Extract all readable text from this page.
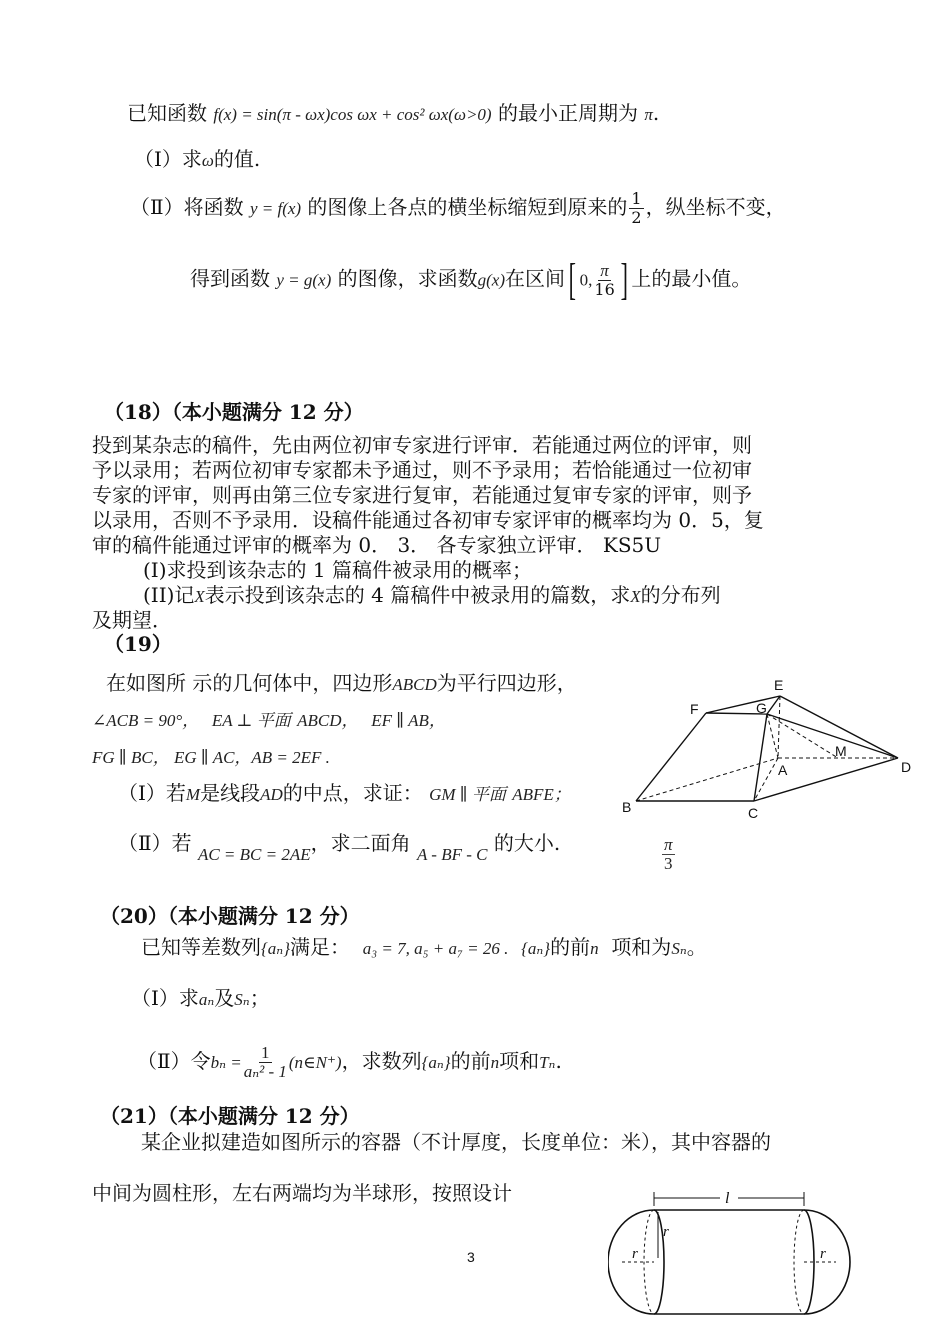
已知函数 f(x) = sin(π - ωx)cos ωx + cos² ωx(ω>0) 的最小正周期为 π.
（Ⅰ）求ω的值.
（Ⅱ）将函数 y = f(x) 的图像上各点的横坐标缩短到原来的 $\frac{1}{2}$ ，纵坐标不变，
得到函数 y = g(x) 的图像，求函数g(x)在区间[ 0, $\frac{\pi}{16}$ ] 上的最小值。
（18）（本小题满分 12 分）
投到某杂志的稿件，先由两位初审专家进行评审．若能通过两位的评审，则
予以录用；若两位初审专家都未予通过，则不予录用；若恰能通过一位初审
专家的评审，则再由第三位专家进行复审，若能通过复审专家的评审，则予
以录用，否则不予录用．设稿件能通过各初审专家评审的概率均为 0．5，复
审的稿件能通过评审的概率为 0． 3． 各专家独立评审． KS5U
(I)求投到该杂志的 1 篇稿件被录用的概率；
(II)记X表示投到该杂志的 4 篇稿件中被录用的篇数，求X的分布列
及期望．
（19）
在如图所 示的几何体中，四边形ABCD为平行四边形，
∠ACB = 90°， EA ⊥ 平面 ABCD， EF ∥ AB，
FG ∥ BC， EG ∥ AC，AB = 2EF .
（Ⅰ）若M是线段AD的中点，求证： GM ∥ 平面 ABFE；
（Ⅱ）若 $_{AC = BC = 2AE}$，求二面角 $_{A - BF - C}$ 的大小.	$\frac{\pi}{3}$
E
F	G
M
A	D
B	C
（20）（本小题满分 12 分）
已知等差数列{aₙ}满足： a₃ = 7, a₅ + a₇ = 26 . {aₙ}的前n 项和为Sₙ。
（Ⅰ）求aₙ及Sₙ；
（Ⅱ）令$b_n = \frac{1}{\text{aₙ² - 1}}$ (n∈N⁺)，求数列{aₙ}的前n项和Tₙ.
（21）（本小题满分 12 分）
某企业拟建造如图所示的容器（不计厚度，长度单位：米），其中容器的
中间为圆柱形，左右两端均为半球形，按照设计	l
r
r
r
3
